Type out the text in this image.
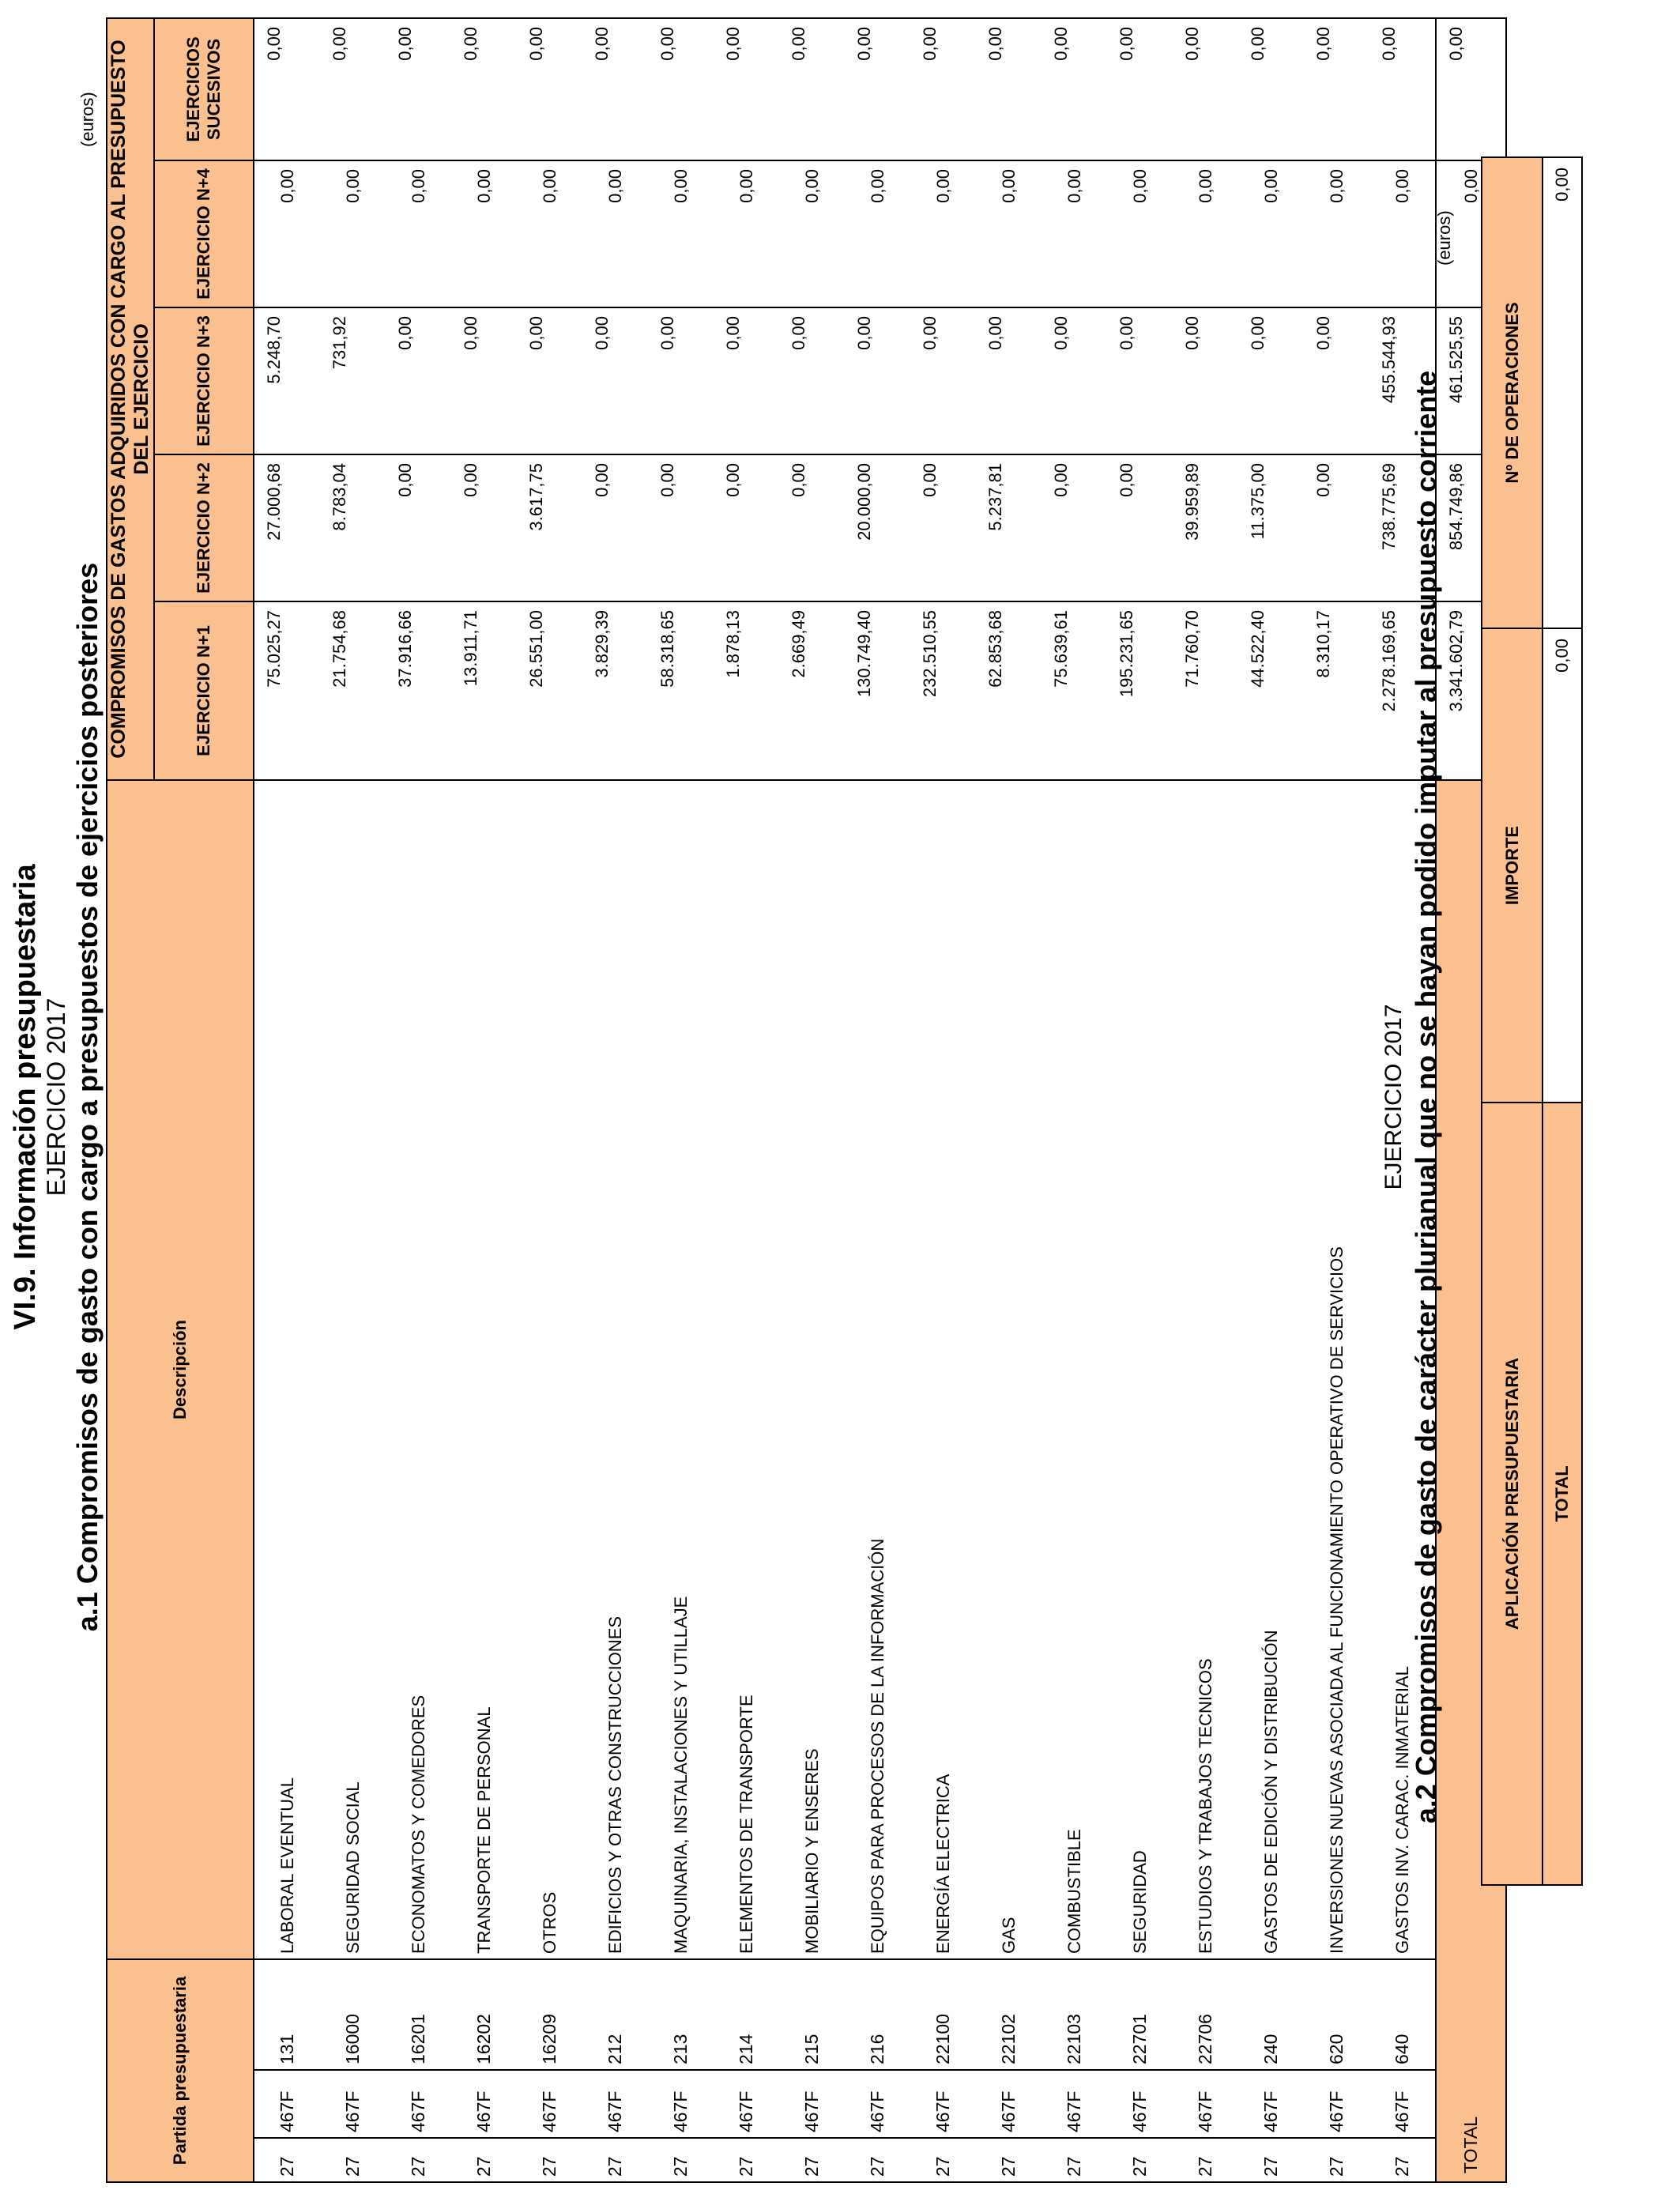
VI.9. Información presupuestaria EJERCICIO 2017 a.1 Compromisos de gasto con cargo a presupuestos de ejercicios posteriores
(euros)
Partida presupuestaria			Descripción	COMPROMISOS DE GASTOS ADQUIRIDOS CON CARGO AL PRESUPUESTO DEL EJERCICIO				
				EJERCICIO N+1	EJERCICIO N+2	EJERCICIO N+3	EJERCICIO N+4	EJERCICIOS SUCESIVOS
27	467F	131	LABORAL EVENTUAL	75.025,27	27.000,68	5.248,70	0,00	0,00
27	467F	16000	SEGURIDAD SOCIAL	21.754,68	8.783,04	731,92	0,00	0,00
27	467F	16201	ECONOMATOS Y COMEDORES	37.916,66	0,00	0,00	0,00	0,00
27	467F	16202	TRANSPORTE DE PERSONAL	13.911,71	0,00	0,00	0,00	0,00
27	467F	16209	OTROS	26.551,00	3.617,75	0,00	0,00	0,00
27	467F	212	EDIFICIOS Y OTRAS CONSTRUCCIONES	3.829,39	0,00	0,00	0,00	0,00
27	467F	213	MAQUINARIA, INSTALACIONES Y UTILLAJE	58.318,65	0,00	0,00	0,00	0,00
27	467F	214	ELEMENTOS DE TRANSPORTE	1.878,13	0,00	0,00	0,00	0,00
27	467F	215	MOBILIARIO Y ENSERES	2.669,49	0,00	0,00	0,00	0,00
27	467F	216	EQUIPOS PARA PROCESOS DE LA INFORMACIÓN	130.749,40	20.000,00	0,00	0,00	0,00
27	467F	22100	ENERGÍA ELECTRICA	232.510,55	0,00	0,00	0,00	0,00
27	467F	22102	GAS	62.853,68	5.237,81	0,00	0,00	0,00
27	467F	22103	COMBUSTIBLE	75.639,61	0,00	0,00	0,00	0,00
27	467F	22701	SEGURIDAD	195.231,65	0,00	0,00	0,00	0,00
27	467F	22706	ESTUDIOS Y TRABAJOS TECNICOS	71.760,70	39.959,89	0,00	0,00	0,00
27	467F	240	GASTOS DE EDICIÓN Y DISTRIBUCIÓN	44.522,40	11.375,00	0,00	0,00	0,00
27	467F	620	INVERSIONES NUEVAS ASOCIADA AL FUNCIONAMIENTO OPERATIVO DE SERVICIOS	8.310,17	0,00	0,00	0,00	0,00
27	467F	640	GASTOS INV. CARAC. INMATERIAL	2.278.169,65	738.775,69	455.544,93	0,00	0,00
TOTAL				3.341.602,79	854.749,86	461.525,55	0,00	0,00
EJERCICIO 2017 a.2 Compromisos de gasto de carácter plurianual que no se hayan podido imputar al presupuesto corriente
(euros)
APLICACIÓN PRESUPUESTARIA	IMPORTE	Nº DE OPERACIONES
TOTAL	0,00	0,00
